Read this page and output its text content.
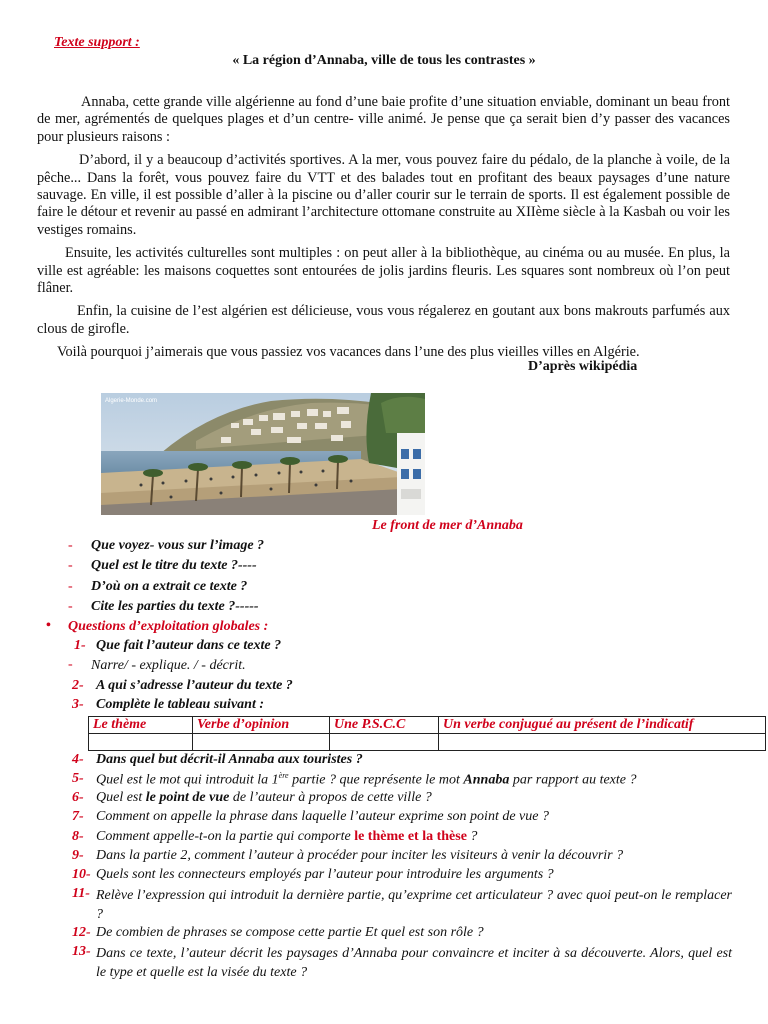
Texte support :
« La région d’Annaba, ville de tous les contrastes »

Annaba, cette grande ville algérienne au fond d’une baie profite d’une situation enviable, dominant un beau front de mer, agrémentés de quelques plages et d’un centre- ville animé. Je pense que ça serait bien d’y passer des vacances pour plusieurs raisons :

D’abord, il y a beaucoup d’activités sportives. A la mer, vous pouvez faire du pédalo, de la planche à voile, de la pêche... Dans la forêt, vous pouvez faire du VTT et des balades tout en profitant des beaux paysages d’une nature sauvage. En ville, il est possible d’aller à la piscine ou d’aller courir sur le terrain de sports. Il est également possible de faire le détour et revenir au passé en admirant l’architecture ottomane construite au XIIème siècle à la Kasbah ou voir les vestiges romains.

Ensuite, les activités culturelles sont multiples : on peut aller à la bibliothèque, au cinéma ou au musée. En plus, la ville est agréable: les maisons coquettes sont entourées de jolis jardins fleuris. Les squares sont nombreux où l’on peut flâner.

Enfin, la cuisine de l’est algérien est délicieuse, vous vous régalerez en goutant aux bons makrouts parfumés aux clous de girofle.

Voilà pourquoi j’aimerais que vous passiez vos vacances dans l’une des plus vieilles villes en Algérie.

D’après wikipédia
Algerie-Monde.com
Le front de mer d’Annaba
- Que voyez- vous sur l’image ?
- Quel est le titre du texte ?----
- D’où on a extrait ce texte ?
- Cite les parties du texte ?-----
• Questions d’exploitation globales :
1- Que fait l’auteur dans ce texte ?
- Narre/ - explique. / - décrit.
2- A qui s’adresse l’auteur du texte ?
3- Complète le tableau suivant :
Le thème	Verbe d’opinion	Une P.S.C.C	Un verbe conjugué au présent de l’indicatif

4- Dans quel but décrit-il Annaba aux touristes ?
5- Quel est le mot qui introduit la 1ère partie ? que représente le mot Annaba par rapport au texte ?
6- Quel est le point de vue de l’auteur à propos de cette ville ?
7- Comment on appelle la phrase dans laquelle l’auteur exprime son point de vue ?
8- Comment appelle-t-on la partie qui comporte le thème et la thèse ?
9- Dans la partie 2, comment l’auteur à procéder pour inciter les visiteurs à venir la découvrir ?
10- Quels sont les connecteurs employés par l’auteur pour introduire les arguments ?
11- Relève l’expression qui introduit la dernière partie, qu’exprime cet articulateur ? avec quoi peut-on le remplacer ?
12- De combien de phrases se compose cette partie Et quel est son rôle ?
13- Dans ce texte, l’auteur décrit les paysages d’Annaba pour convaincre et inciter à sa découverte. Alors, quel est le type et quelle est la visée du texte ?
